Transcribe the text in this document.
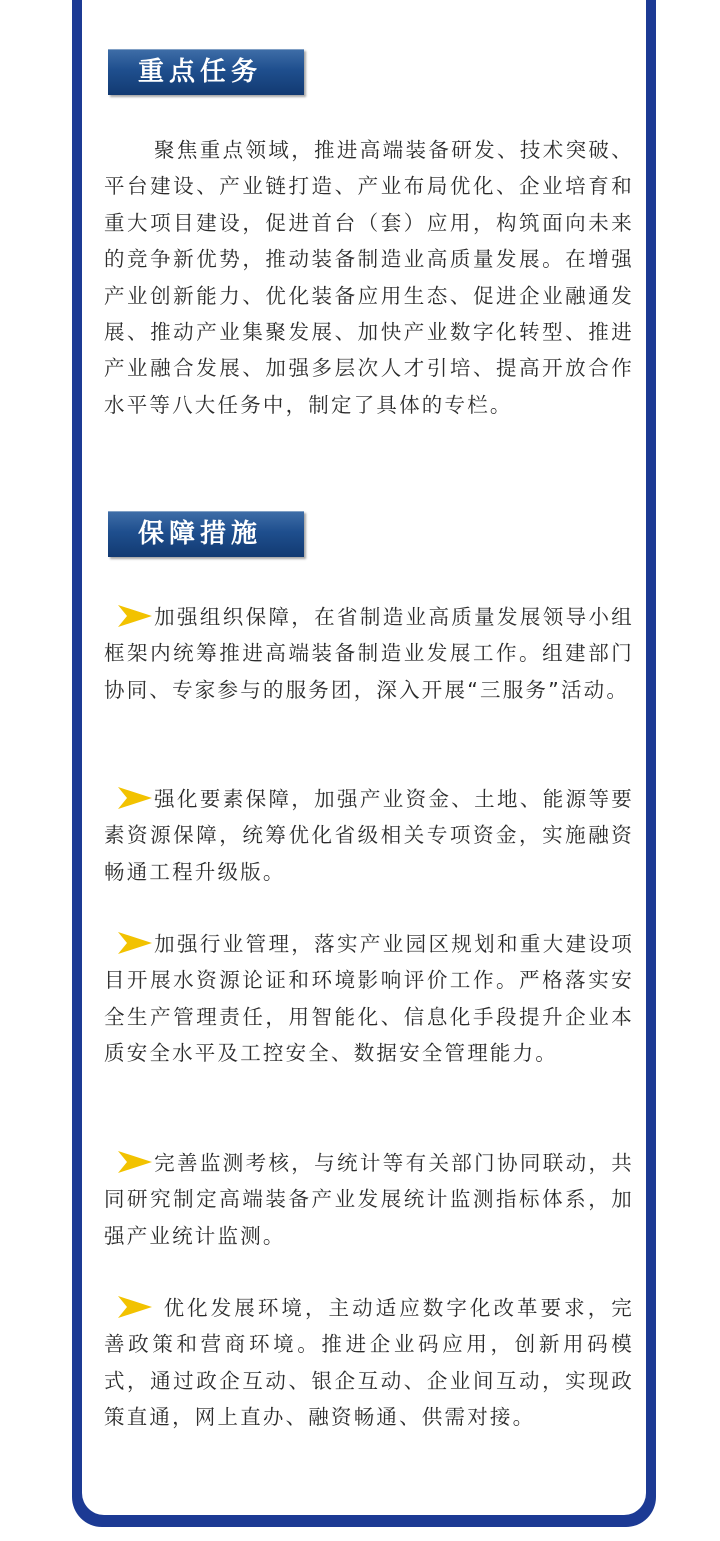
重点任务

聚焦重点领域，推进高端装备研发、技术突破、平台建设、产业链打造、产业布局优化、企业培育和重大项目建设，促进首台（套）应用，构筑面向未来的竞争新优势，推动装备制造业高质量发展。在增强产业创新能力、优化装备应用生态、促进企业融通发展、推动产业集聚发展、加快产业数字化转型、推进产业融合发展、加强多层次人才引培、提高开放合作水平等八大任务中，制定了具体的专栏。

保障措施
加强组织保障，在省制造业高质量发展领导小组框架内统筹推进高端装备制造业发展工作。组建部门协同、专家参与的服务团，深入开展“三服务”活动。
强化要素保障，加强产业资金、土地、能源等要素资源保障，统筹优化省级相关专项资金，实施融资畅通工程升级版。
加强行业管理，落实产业园区规划和重大建设项目开展水资源论证和环境影响评价工作。严格落实安全生产管理责任，用智能化、信息化手段提升企业本质安全水平及工控安全、数据安全管理能力。
完善监测考核，与统计等有关部门协同联动，共同研究制定高端装备产业发展统计监测指标体系，加强产业统计监测。
优化发展环境，主动适应数字化改革要求，完善政策和营商环境。推进企业码应用，创新用码模式，通过政企互动、银企互动、企业间互动，实现政策直通，网上直办、融资畅通、供需对接。
